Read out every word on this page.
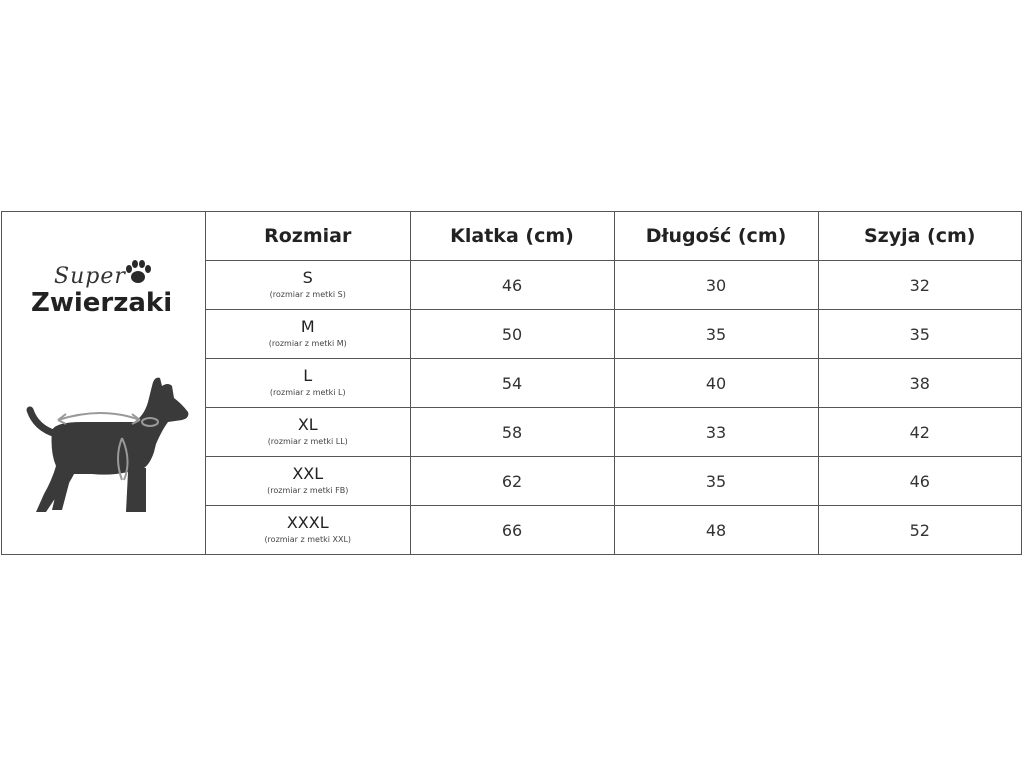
Super
Zwierzaki
Rozmiar	Klatka (cm)	Długość (cm)	Szyja (cm)

S
(rozmiar z metki S)	46	30	32

M
(rozmiar z metki M)	50	35	35

L
(rozmiar z metki L)	54	40	38

XL
(rozmiar z metki LL)	58	33	42

XXL
(rozmiar z metki FB)	62	35	46

XXXL
(rozmiar z metki XXL)	66	48	52
